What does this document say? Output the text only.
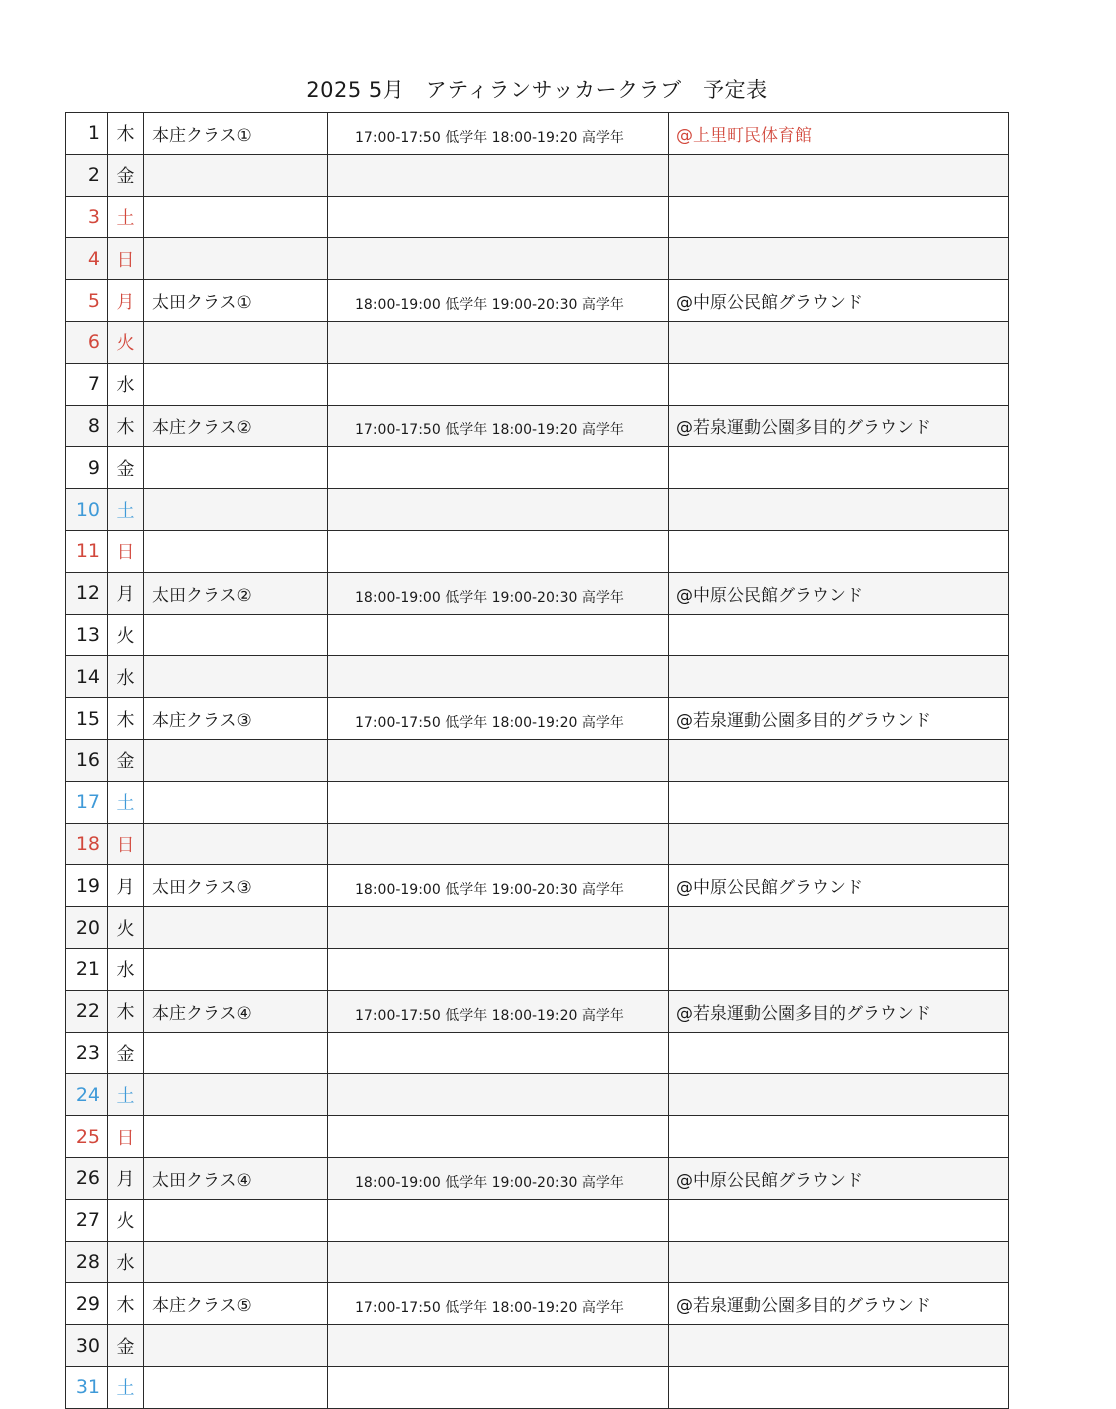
2025 5月　アティランサッカークラブ　予定表
1	木	本庄クラス①	17:00-17:50 低学年 18:00-19:20 高学年	@上里町民体育館
2	金			
3	土			
4	日			
5	月	太田クラス①	18:00-19:00 低学年 19:00-20:30 高学年	@中原公民館グラウンド
6	火			
7	水			
8	木	本庄クラス②	17:00-17:50 低学年 18:00-19:20 高学年	@若泉運動公園多目的グラウンド
9	金			
10	土			
11	日			
12	月	太田クラス②	18:00-19:00 低学年 19:00-20:30 高学年	@中原公民館グラウンド
13	火			
14	水			
15	木	本庄クラス③	17:00-17:50 低学年 18:00-19:20 高学年	@若泉運動公園多目的グラウンド
16	金			
17	土			
18	日			
19	月	太田クラス③	18:00-19:00 低学年 19:00-20:30 高学年	@中原公民館グラウンド
20	火			
21	水			
22	木	本庄クラス④	17:00-17:50 低学年 18:00-19:20 高学年	@若泉運動公園多目的グラウンド
23	金			
24	土			
25	日			
26	月	太田クラス④	18:00-19:00 低学年 19:00-20:30 高学年	@中原公民館グラウンド
27	火			
28	水			
29	木	本庄クラス⑤	17:00-17:50 低学年 18:00-19:20 高学年	@若泉運動公園多目的グラウンド
30	金			
31	土			
